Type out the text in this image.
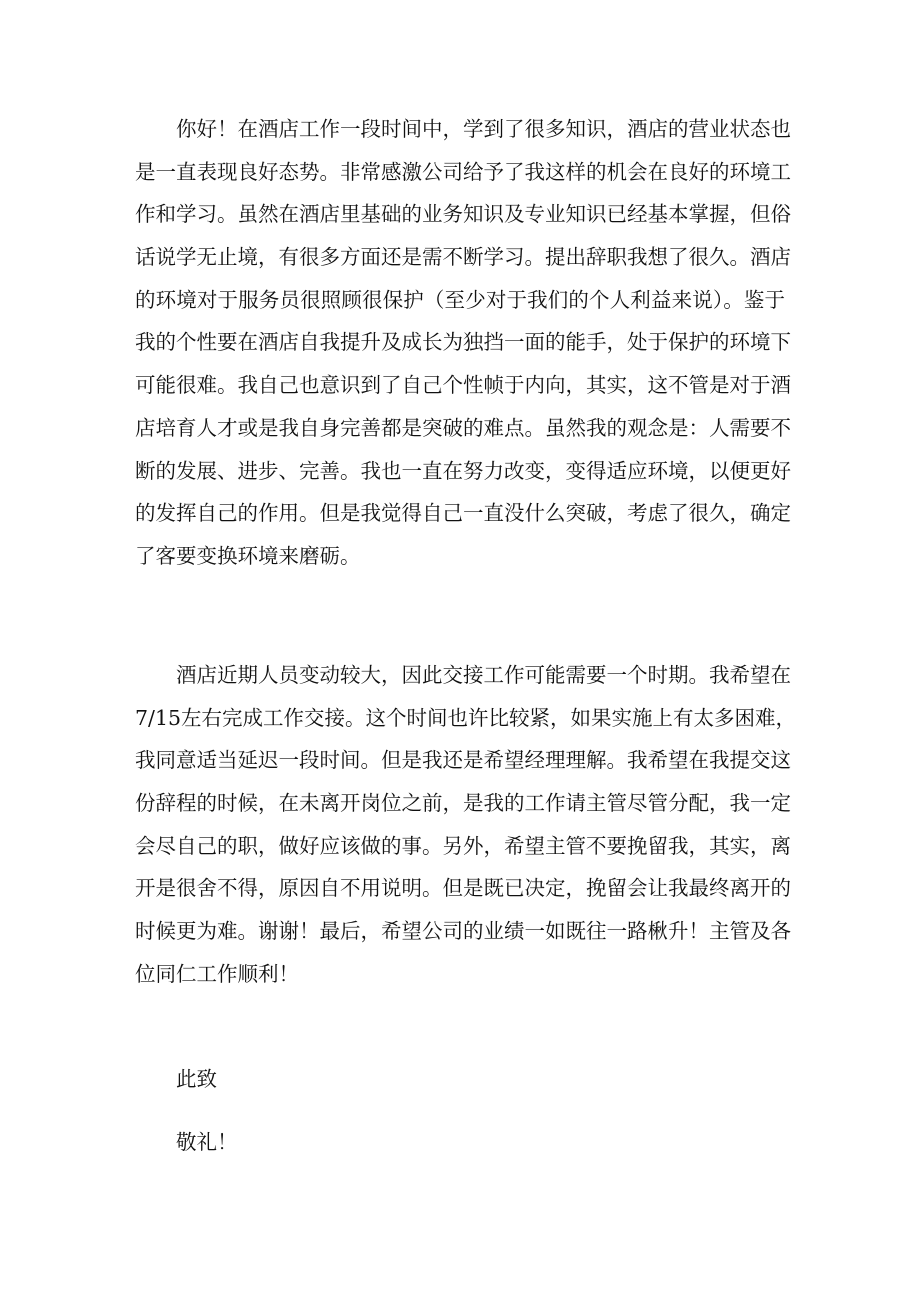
你好！在酒店工作一段时间中，学到了很多知识，酒店的营业状态也
是一直表现良好态势。非常感激公司给予了我这样的机会在良好的环境工
作和学习。虽然在酒店里基础的业务知识及专业知识已经基本掌握，但俗
话说学无止境，有很多方面还是需不断学习。提出辞职我想了很久。酒店
的环境对于服务员很照顾很保护（至少对于我们的个人利益来说）。鉴于
我的个性要在酒店自我提升及成长为独挡一面的能手，处于保护的环境下
可能很难。我自己也意识到了自己个性帧于内向，其实，这不管是对于酒
店培育人才或是我自身完善都是突破的难点。虽然我的观念是：人需要不
断的发展、进步、完善。我也一直在努力改变，变得适应环境，以便更好
的发挥自己的作用。但是我觉得自己一直没什么突破，考虑了很久，确定
了客要变换环境来磨砺。
酒店近期人员变动较大，因此交接工作可能需要一个时期。我希望在
7/15左右完成工作交接。这个时间也许比较紧，如果实施上有太多困难，
我同意适当延迟一段时间。但是我还是希望经理理解。我希望在我提交这
份辞程的时候，在未离开岗位之前，是我的工作请主管尽管分配，我一定
会尽自己的职，做好应该做的事。另外，希望主管不要挽留我，其实，离
开是很舍不得，原因自不用说明。但是既已决定，挽留会让我最终离开的
时候更为难。谢谢！最后，希望公司的业绩一如既往一路楸升！主管及各
位同仁工作顺利！
此致
敬礼！
